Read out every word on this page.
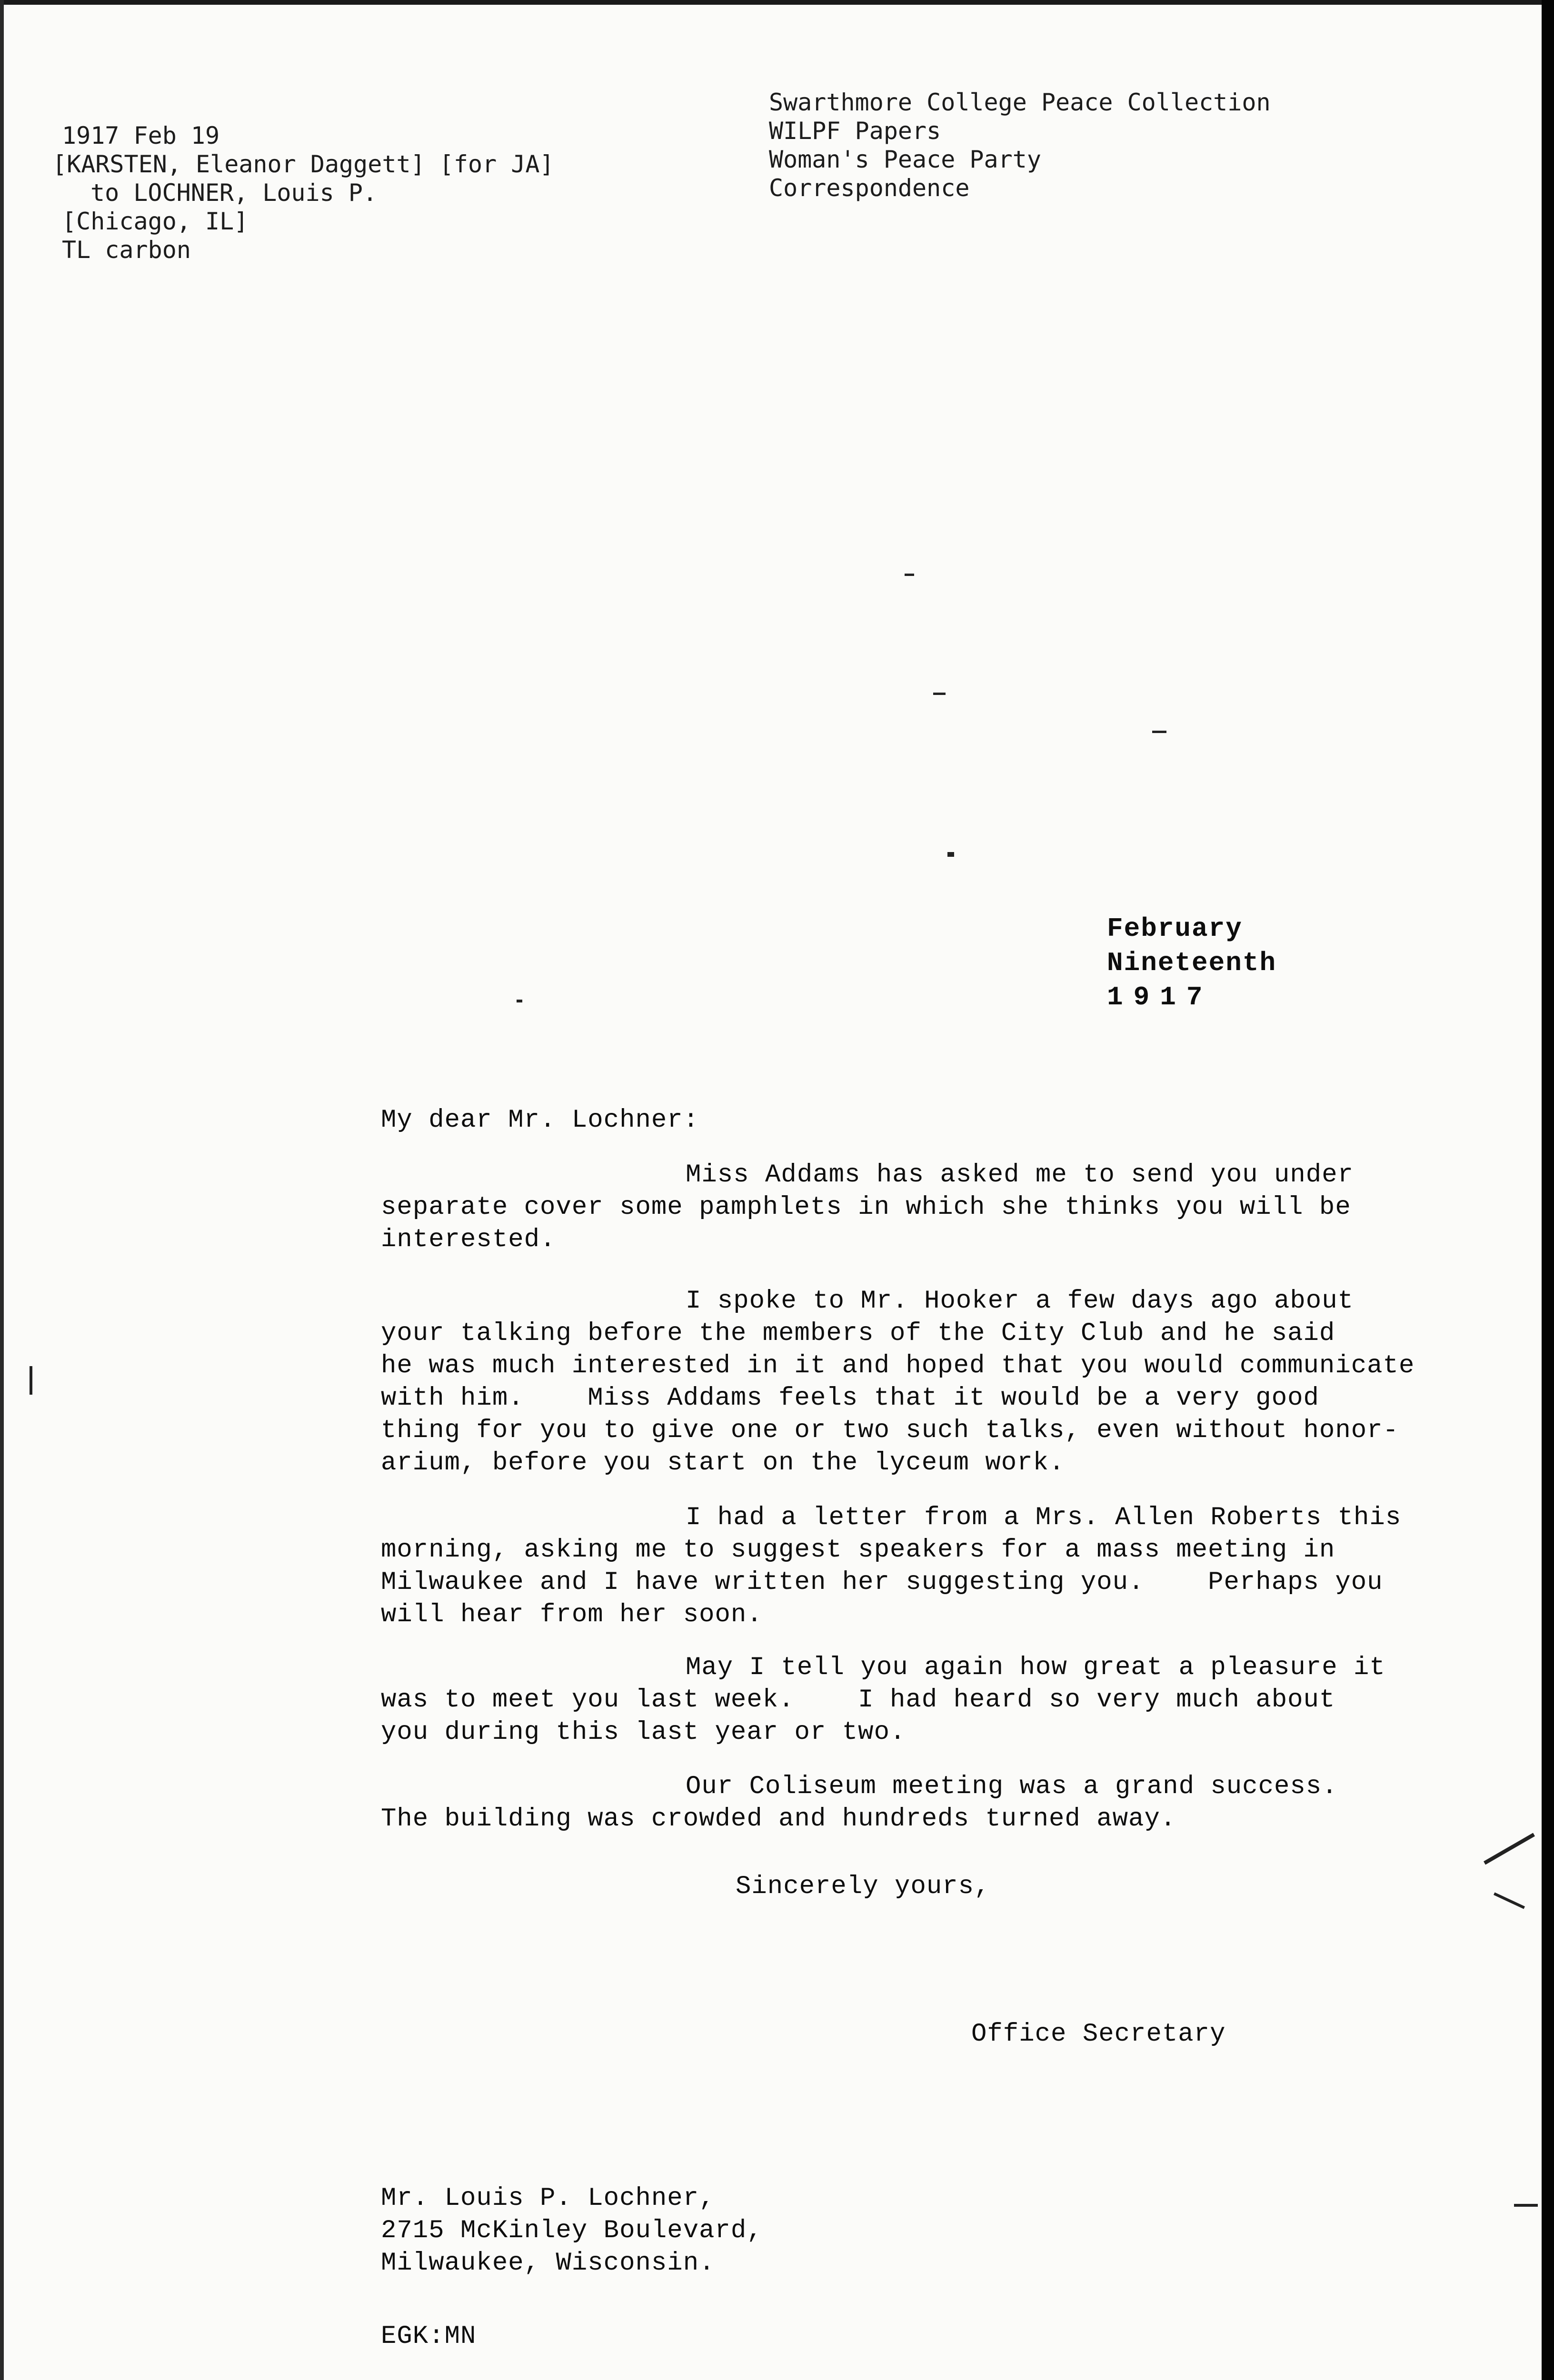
1917 Feb 19
[KARSTEN, Eleanor Daggett] [for JA]
to LOCHNER, Louis P.
[Chicago, IL]
TL carbon
Swarthmore College Peace Collection
WILPF Papers
Woman's Peace Party
Correspondence
February
Nineteenth
1917
My dear Mr. Lochner:
Miss Addams has asked me to send you under
separate cover some pamphlets in which she thinks you will be
interested.
I spoke to Mr. Hooker a few days ago about
your talking before the members of the City Club and he said
he was much interested in it and hoped that you would communicate
with him.    Miss Addams feels that it would be a very good
thing for you to give one or two such talks, even without honor-
arium, before you start on the lyceum work.
I had a letter from a Mrs. Allen Roberts this
morning, asking me to suggest speakers for a mass meeting in
Milwaukee and I have written her suggesting you.    Perhaps you
will hear from her soon.
May I tell you again how great a pleasure it
was to meet you last week.    I had heard so very much about
you during this last year or two.
Our Coliseum meeting was a grand success.
The building was crowded and hundreds turned away.
Sincerely yours,
Office Secretary
Mr. Louis P. Lochner,
2715 McKinley Boulevard,
Milwaukee, Wisconsin.
EGK:MN
